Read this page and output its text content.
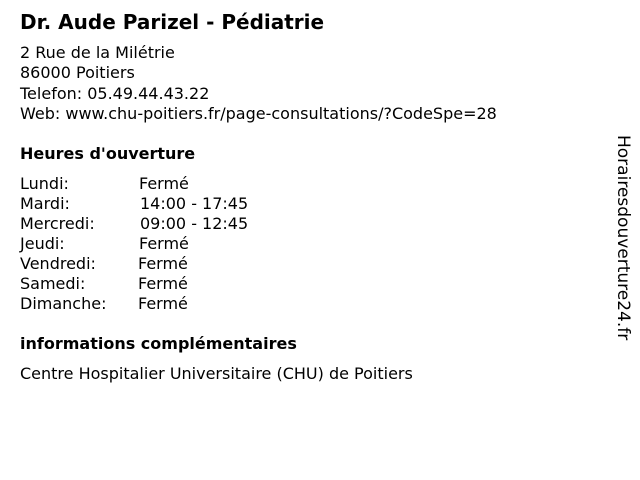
Dr. Aude Parizel - Pédiatrie
2 Rue de la Milétrie
86000 Poitiers
Telefon: 05.49.44.43.22
Web: www.chu-poitiers.fr/page-consultations/?CodeSpe=28
Heures d'ouverture
Lundi:	Fermé
Mardi:	14:00 - 17:45
Mercredi:	09:00 - 12:45
Jeudi:	Fermé
Vendredi:	Fermé
Samedi:	Fermé
Dimanche: Fermé
informations complémentaires
Centre Hospitalier Universitaire (CHU) de Poitiers
Horairesdouverture24.fr
